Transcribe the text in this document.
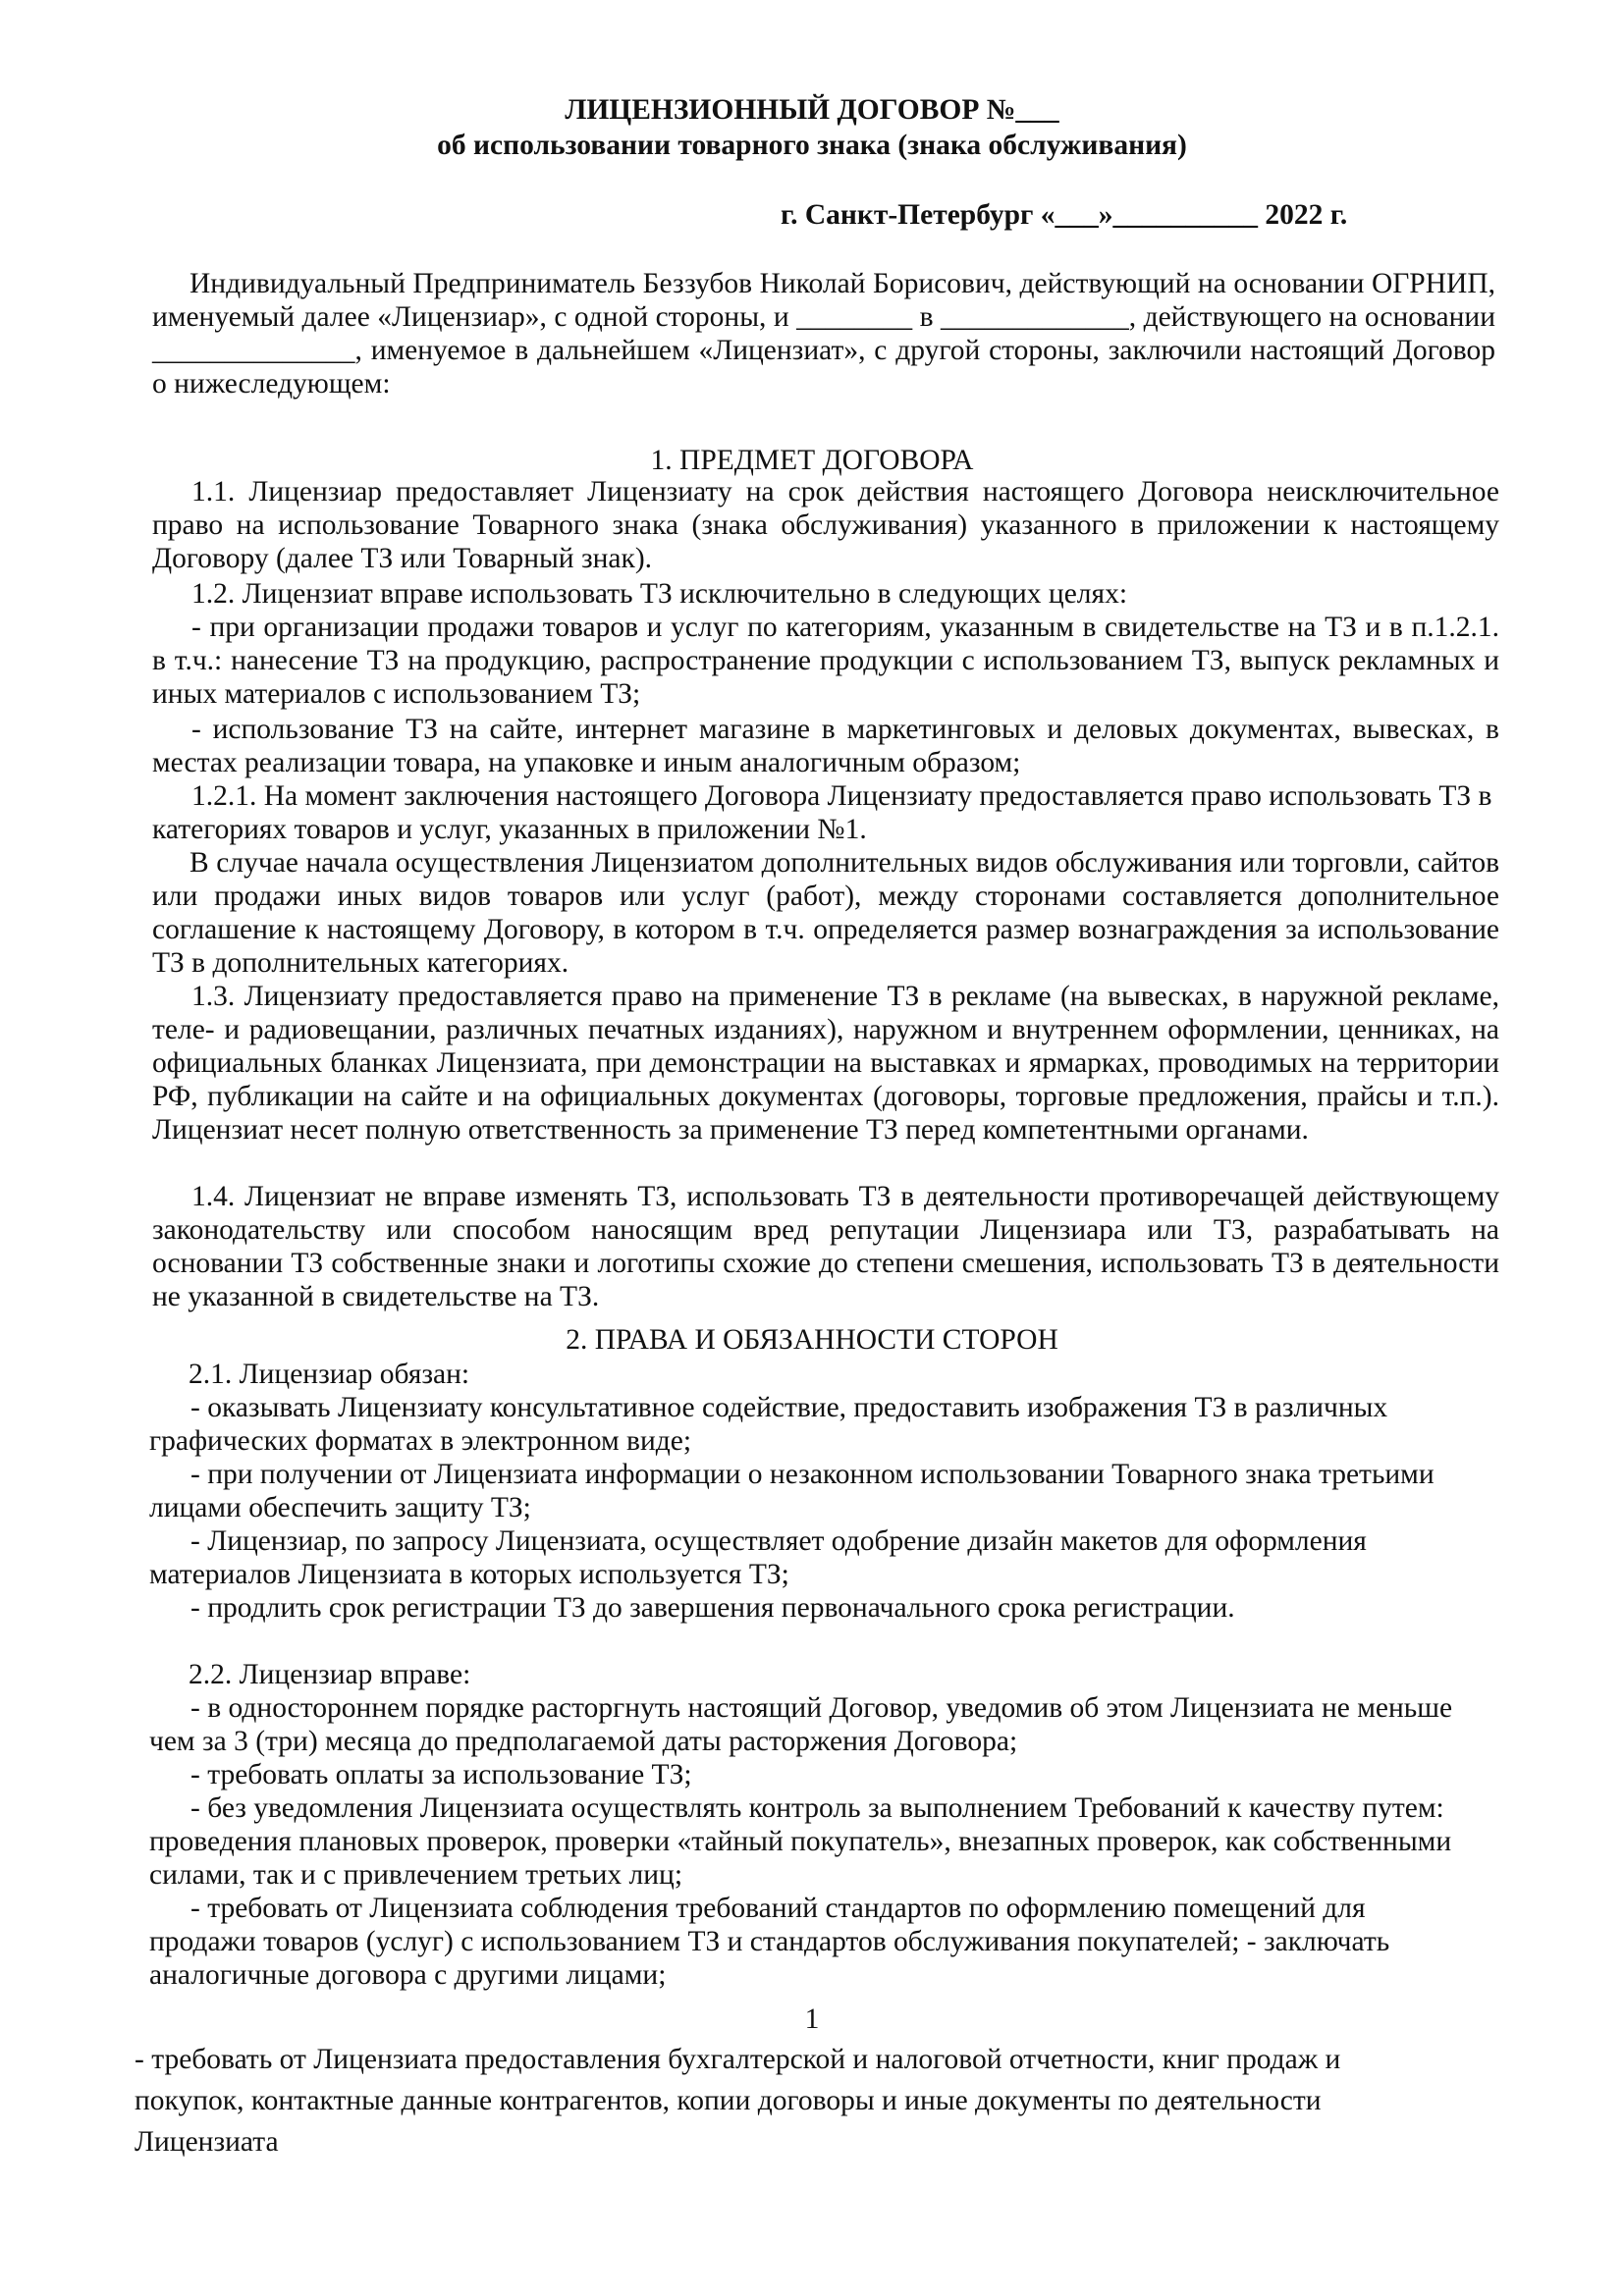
ЛИЦЕНЗИОННЫЙ ДОГОВОР №___
об использовании товарного знака (знака обслуживания)
г. Санкт-Петербург «___»__________ 2022 г.
Индивидуальный Предприниматель Беззубов Николай Борисович, действующий на основании ОГРНИП, именуемый далее «Лицензиар», с одной стороны, и ________ в _____________, действующего на основании ______________, именуемое в дальнейшем «Лицензиат», с другой стороны, заключили настоящий Договор о нижеследующем:
1. ПРЕДМЕТ ДОГОВОРА
1.1. Лицензиар предоставляет Лицензиату на срок действия настоящего Договора неисключительное право на использование Товарного знака (знака обслуживания) указанного в приложении к настоящему Договору (далее ТЗ или Товарный знак).
1.2. Лицензиат вправе использовать ТЗ исключительно в следующих целях:
- при организации продажи товаров и услуг по категориям, указанным в свидетельстве на ТЗ и в п.1.2.1. в т.ч.: нанесение ТЗ на продукцию, распространение продукции с использованием ТЗ, выпуск рекламных и иных материалов с использованием ТЗ;
- использование ТЗ на сайте, интернет магазине в маркетинговых и деловых документах, вывесках, в местах реализации товара, на упаковке и иным аналогичным образом;
1.2.1. На момент заключения настоящего Договора Лицензиату предоставляется право использовать ТЗ в категориях товаров и услуг, указанных в приложении №1.
В случае начала осуществления Лицензиатом дополнительных видов обслуживания или торговли, сайтов или продажи иных видов товаров или услуг (работ), между сторонами составляется дополнительное соглашение к настоящему Договору, в котором в т.ч. определяется размер вознаграждения за использование ТЗ в дополнительных категориях.
1.3. Лицензиату предоставляется право на применение ТЗ в рекламе (на вывесках, в наружной рекламе, теле- и радиовещании, различных печатных изданиях), наружном и внутреннем оформлении, ценниках, на официальных бланках Лицензиата, при демонстрации на выставках и ярмарках, проводимых на территории РФ, публикации на сайте и на официальных документах (договоры, торговые предложения, прайсы и т.п.). Лицензиат несет полную ответственность за применение ТЗ перед компетентными органами.
1.4. Лицензиат не вправе изменять ТЗ, использовать ТЗ в деятельности противоречащей действующему законодательству или способом наносящим вред репутации Лицензиара или ТЗ, разрабатывать на основании ТЗ собственные знаки и логотипы схожие до степени смешения, использовать ТЗ в деятельности не указанной в свидетельстве на ТЗ.
2. ПРАВА И ОБЯЗАННОСТИ СТОРОН
2.1. Лицензиар обязан:
- оказывать Лицензиату консультативное содействие, предоставить изображения ТЗ в различных
графических форматах в электронном виде;
- при получении от Лицензиата информации о незаконном использовании Товарного знака третьими
лицами обеспечить защиту ТЗ;
- Лицензиар, по запросу Лицензиата, осуществляет одобрение дизайн макетов для оформления
материалов Лицензиата в которых используется ТЗ;
- продлить срок регистрации ТЗ до завершения первоначального срока регистрации.
2.2. Лицензиар вправе:
- в одностороннем порядке расторгнуть настоящий Договор, уведомив об этом Лицензиата не меньше
чем за 3 (три) месяца до предполагаемой даты расторжения Договора;
- требовать оплаты за использование ТЗ;
- без уведомления Лицензиата осуществлять контроль за выполнением Требований к качеству путем:
проведения плановых проверок, проверки «тайный покупатель», внезапных проверок, как собственными
силами, так и с привлечением третьих лиц;
- требовать от Лицензиата соблюдения требований стандартов по оформлению помещений для
продажи товаров (услуг) с использованием ТЗ и стандартов обслуживания покупателей; - заключать
аналогичные договора с другими лицами;
1
- требовать от Лицензиата предоставления бухгалтерской и налоговой отчетности, книг продаж и
покупок, контактные данные контрагентов, копии договоры и иные документы по деятельности
Лицензиата
